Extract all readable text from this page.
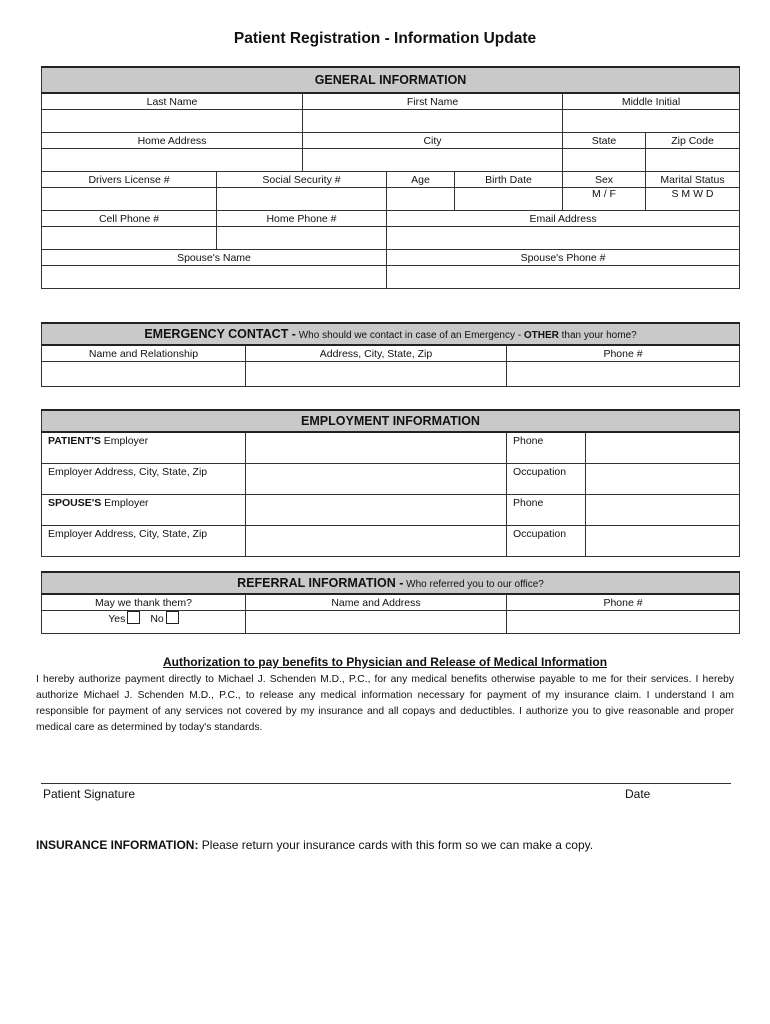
Patient Registration - Information Update
GENERAL INFORMATION						
Last Name		First Name			Middle Initial	

Home Address		City			State	Zip Code

Drivers License #	Social Security #		Age	Birth Date	Sex	Marital Status
					M / F	S M W D
Cell Phone #	Home Phone #		Email Address			

Spouse's Name			Spouse's Phone #			

EMERGENCY CONTACT - Who should we contact in case of an Emergency - OTHER than your home?		
Name and Relationship	Address, City, State, Zip	Phone #

EMPLOYMENT INFORMATION			
PATIENT'S Employer		Phone	
Employer Address, City, State, Zip		Occupation	
SPOUSE'S Employer		Phone	
Employer Address, City, State, Zip		Occupation	
REFERRAL INFORMATION - Who referred you to our office?		
May we thank them?	Name and Address	Phone #
Yes No		
Authorization to pay benefits to Physician and Release of Medical Information
I hereby authorize payment directly to Michael J. Schenden M.D., P.C., for any medical benefits otherwise payable to me for their services. I hereby authorize Michael J. Schenden M.D., P.C., to release any medical information necessary for payment of my insurance claim. I understand I am responsible for payment of any services not covered by my insurance and all copays and deductibles. I authorize you to give reasonable and proper medical care as determined by today's standards.
Patient Signature	Date
INSURANCE INFORMATION: Please return your insurance cards with this form so we can make a copy.
